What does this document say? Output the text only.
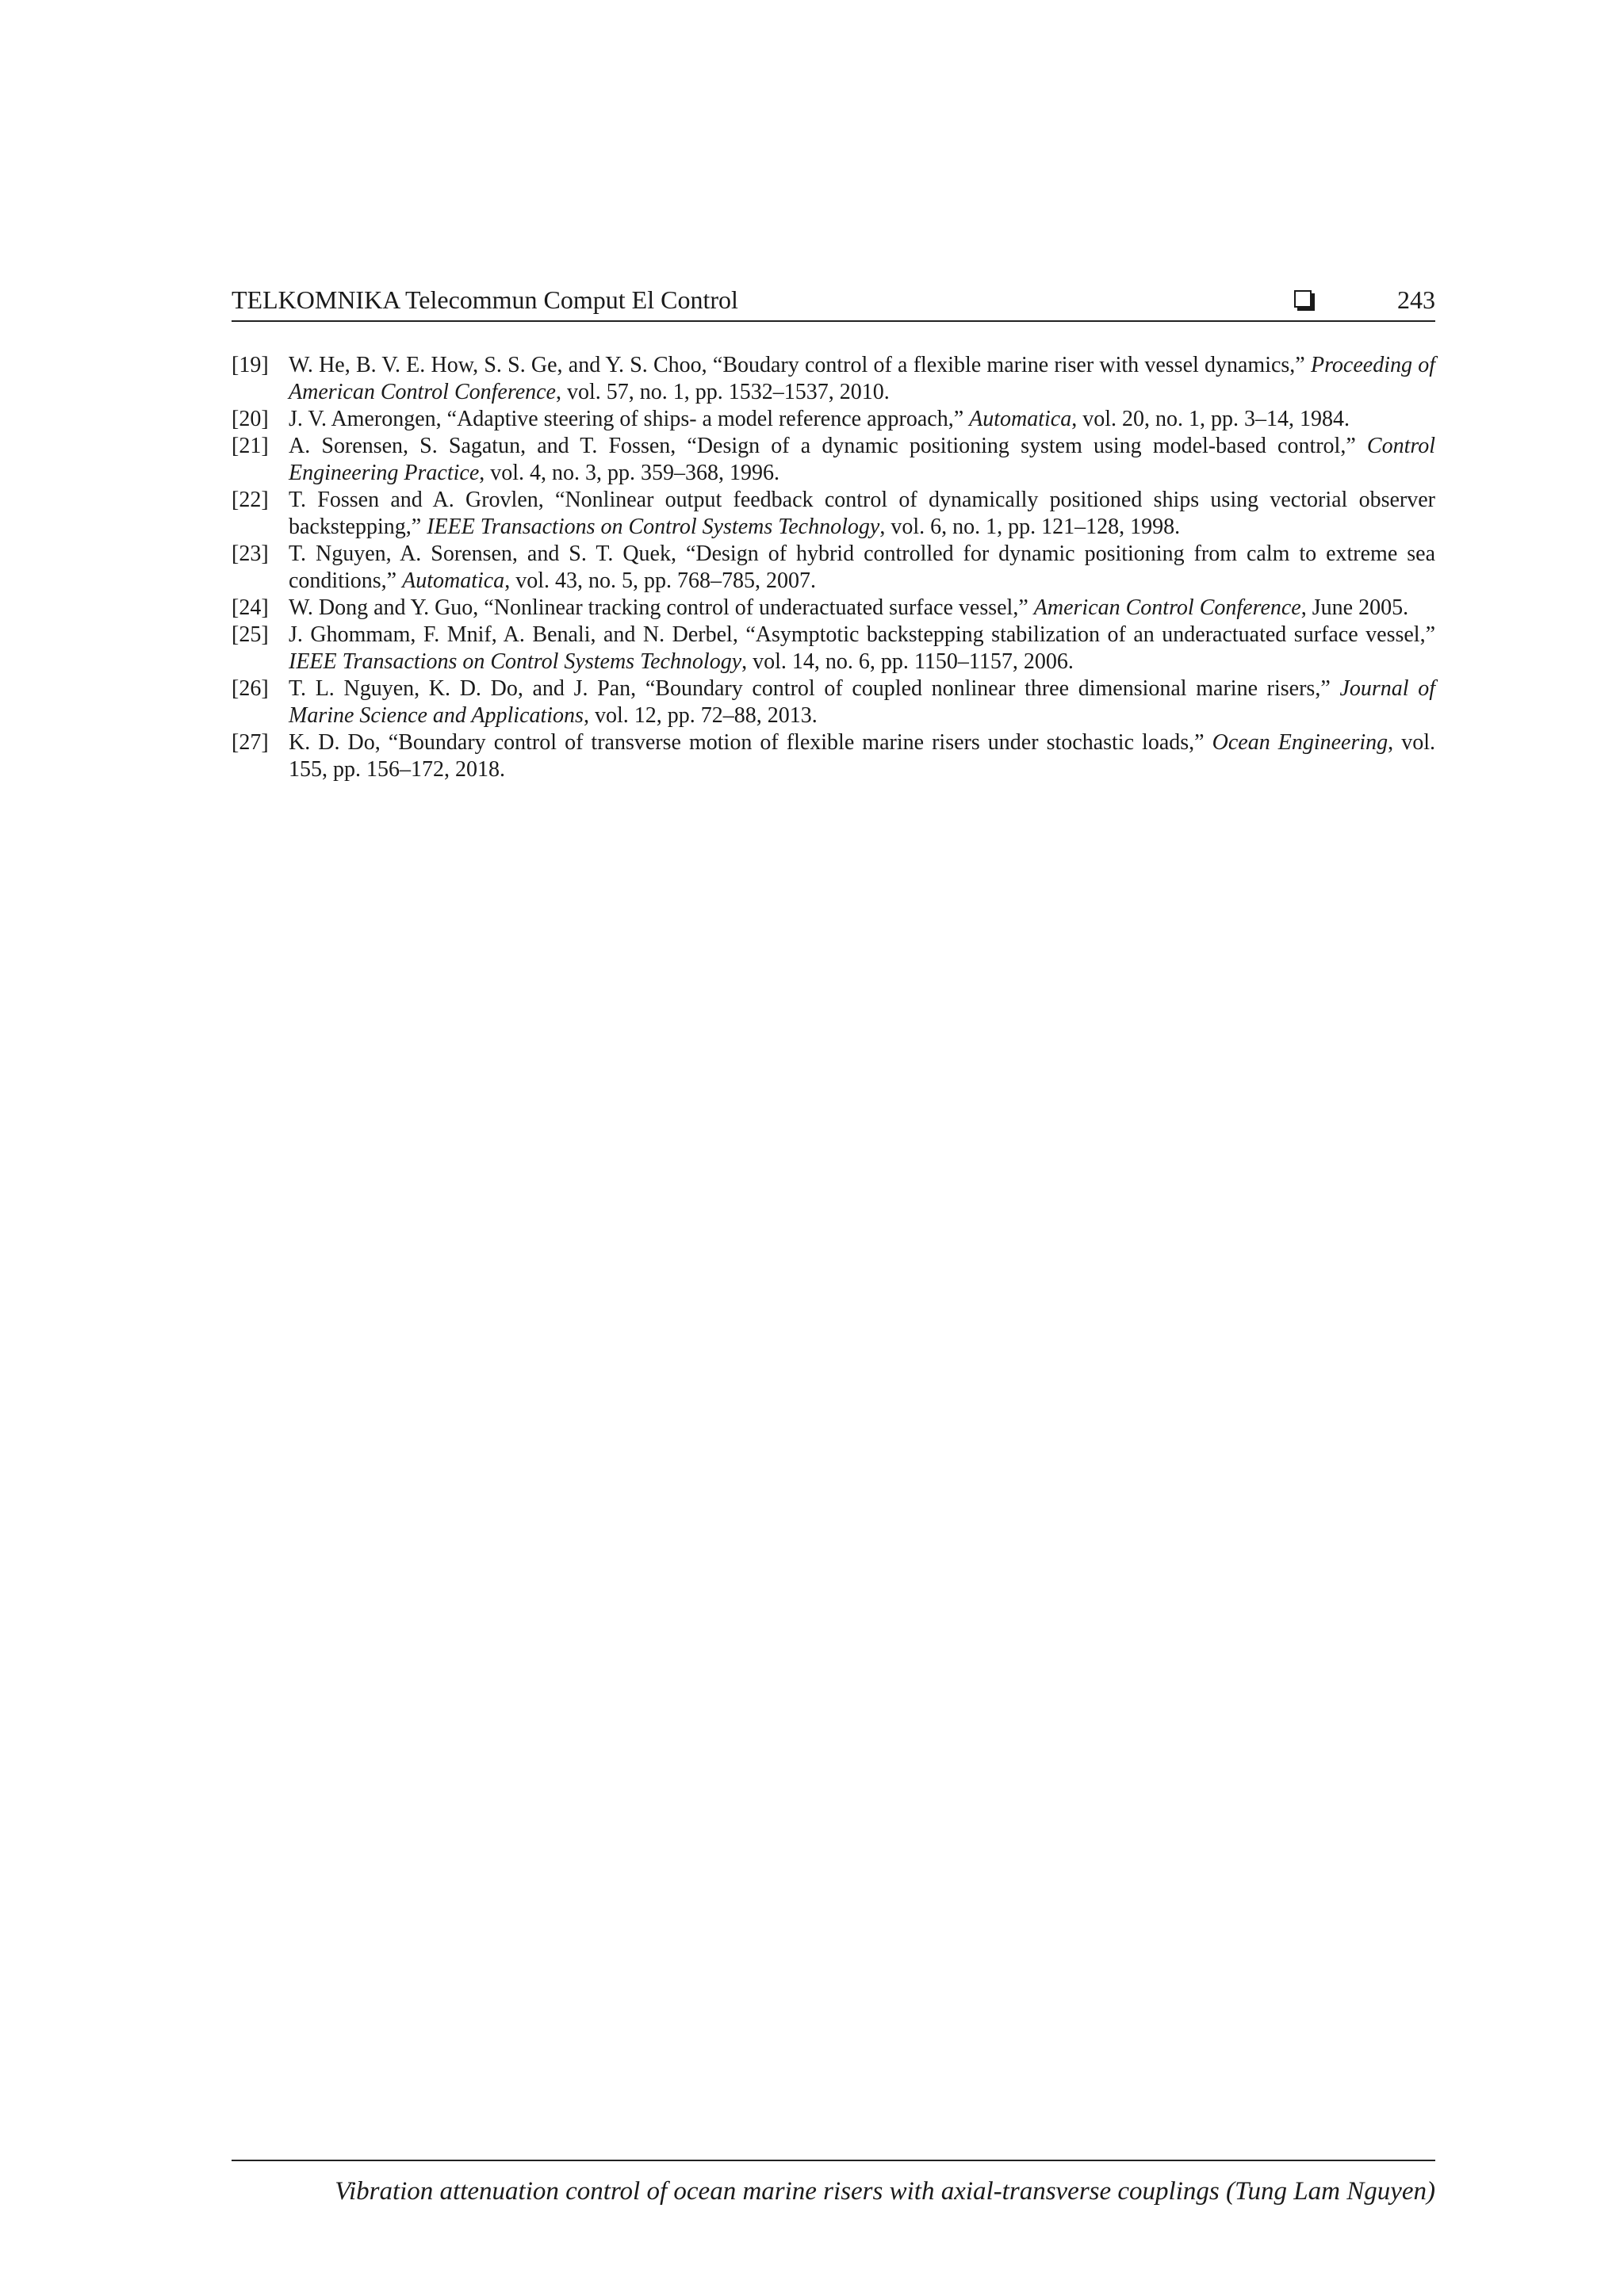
TELKOMNIKA Telecommun Comput El Control	243
[19] W. He, B. V. E. How, S. S. Ge, and Y. S. Choo, “Boudary control of a flexible marine riser with vessel dynamics,” Proceeding of American Control Conference, vol. 57, no. 1, pp. 1532–1537, 2010.
[20] J. V. Amerongen, “Adaptive steering of ships- a model reference approach,” Automatica, vol. 20, no. 1, pp. 3–14, 1984.
[21] A. Sorensen, S. Sagatun, and T. Fossen, “Design of a dynamic positioning system using model-based control,” Control Engineering Practice, vol. 4, no. 3, pp. 359–368, 1996.
[22] T. Fossen and A. Grovlen, “Nonlinear output feedback control of dynamically positioned ships using vectorial observer backstepping,” IEEE Transactions on Control Systems Technology, vol. 6, no. 1, pp. 121–128, 1998.
[23] T. Nguyen, A. Sorensen, and S. T. Quek, “Design of hybrid controlled for dynamic positioning from calm to extreme sea conditions,” Automatica, vol. 43, no. 5, pp. 768–785, 2007.
[24] W. Dong and Y. Guo, “Nonlinear tracking control of underactuated surface vessel,” American Control Conference, June 2005.
[25] J. Ghommam, F. Mnif, A. Benali, and N. Derbel, “Asymptotic backstepping stabilization of an underactuated surface vessel,” IEEE Transactions on Control Systems Technology, vol. 14, no. 6, pp. 1150–1157, 2006.
[26] T. L. Nguyen, K. D. Do, and J. Pan, “Boundary control of coupled nonlinear three dimensional marine risers,” Journal of Marine Science and Applications, vol. 12, pp. 72–88, 2013.
[27] K. D. Do, “Boundary control of transverse motion of flexible marine risers under stochastic loads,” Ocean Engineering, vol. 155, pp. 156–172, 2018.
Vibration attenuation control of ocean marine risers with axial-transverse couplings (Tung Lam Nguyen)
